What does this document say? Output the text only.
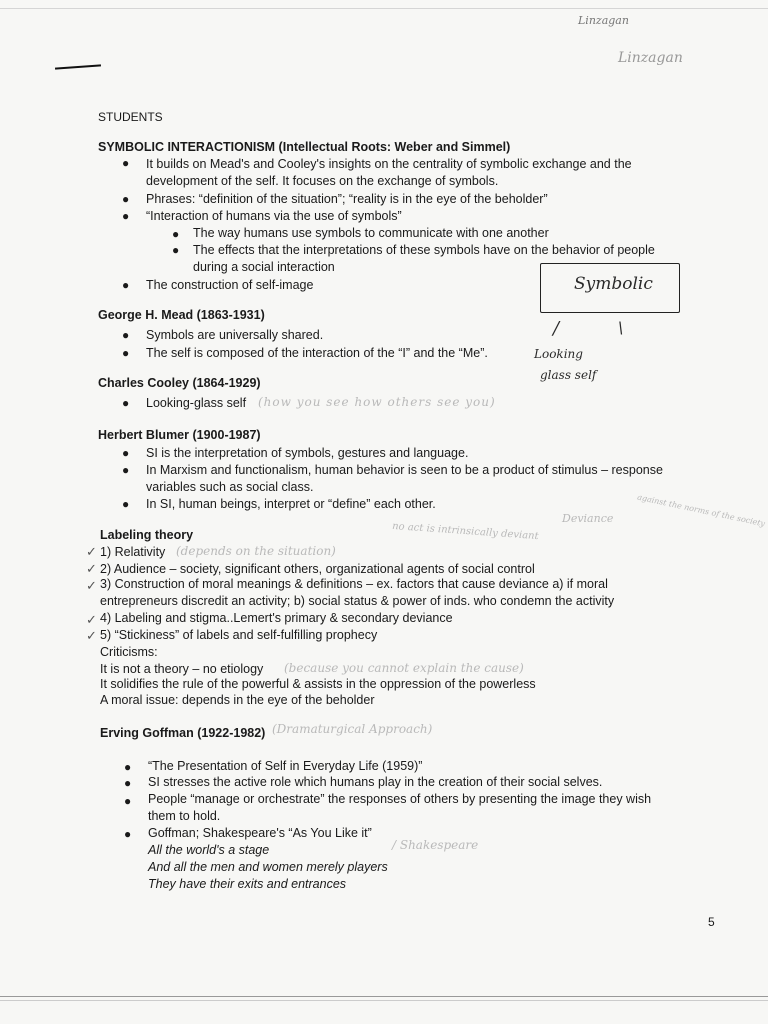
Linzagan
Linzagan
STUDENTS
SYMBOLIC INTERACTIONISM (Intellectual Roots: Weber and Simmel)
● It builds on Mead's and Cooley's insights on the centrality of symbolic exchange and the
development of the self. It focuses on the exchange of symbols.
● Phrases: “definition of the situation”; “reality is in the eye of the beholder”
● “Interaction of humans via the use of symbols”
● The way humans use symbols to communicate with one another
● The effects that the interpretations of these symbols have on the behavior of people
during a social interaction
● The construction of self-image	Symbolic
/	\
George H. Mead (1863-1931)
● Symbols are universally shared.
● The self is composed of the interaction of the “I” and the “Me”.	Looking
glass self
Charles Cooley (1864-1929)
● Looking-glass self (how you see how others see you)
Herbert Blumer (1900-1987)
● SI is the interpretation of symbols, gestures and language.
● In Marxism and functionalism, human behavior is seen to be a product of stimulus – response
variables such as social class.
● In SI, human beings, interpret or “define” each other.
Deviance	against the norms of the society
no act is intrinsically deviant
Labeling theory
✓ 1) Relativity (depends on the situation)
✓ 2) Audience – society, significant others, organizational agents of social control
✓ 3) Construction of moral meanings & definitions – ex. factors that cause deviance a) if moral
entrepreneurs discredit an activity; b) social status & power of inds. who condemn the activity
✓ 4) Labeling and stigma..Lemert's primary & secondary deviance
✓ 5) “Stickiness” of labels and self-fulfilling prophecy
Criticisms:
It is not a theory – no etiology (because you cannot explain the cause)
It solidifies the rule of the powerful & assists in the oppression of the powerless
A moral issue: depends in the eye of the beholder
Erving Goffman (1922-1982) (Dramaturgical Approach)
● “The Presentation of Self in Everyday Life (1959)”
● SI stresses the active role which humans play in the creation of their social selves.
● People “manage or orchestrate” the responses of others by presenting the image they wish
them to hold.
● Goffman; Shakespeare's “As You Like it”
All the world's a stage	/ Shakespeare
And all the men and women merely players
They have their exits and entrances
5
